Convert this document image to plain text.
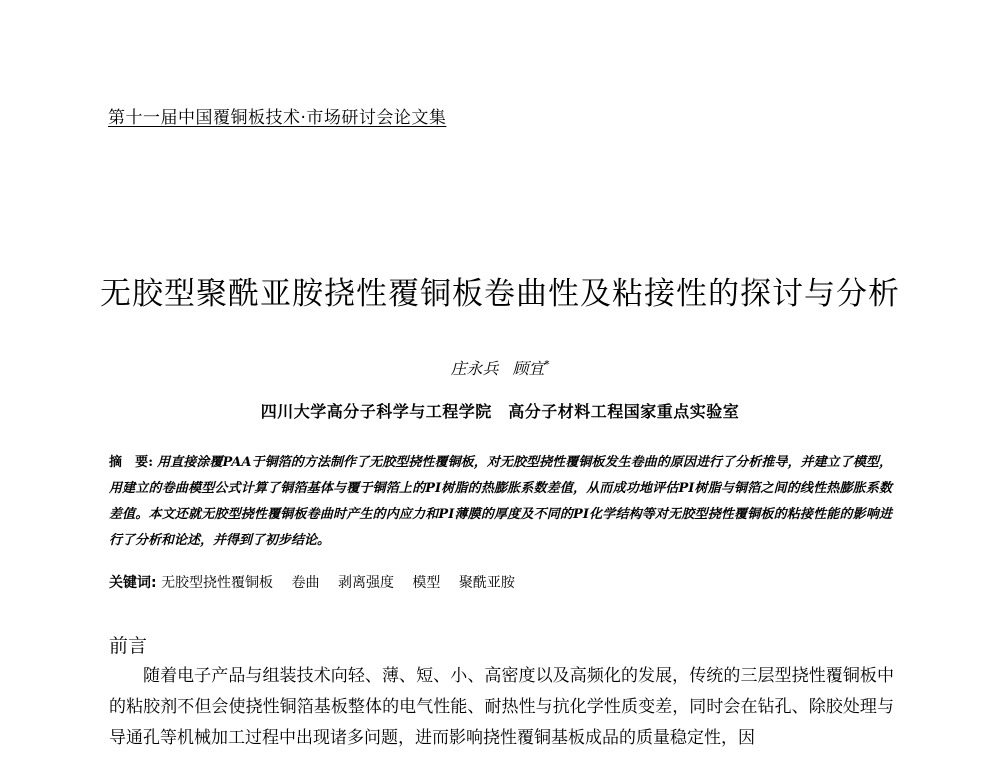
第十一届中国覆铜板技术·市场研讨会论文集
无胶型聚酰亚胺挠性覆铜板卷曲性及粘接性的探讨与分析
庄永兵 顾宜*
四川大学高分子科学与工程学院　高分子材料工程国家重点实验室
摘　要: 用直接涂覆PAA于铜箔的方法制作了无胶型挠性覆铜板，对无胶型挠性覆铜板发生卷曲的原因进行了分析推导，并建立了模型，用建立的卷曲模型公式计算了铜箔基体与覆于铜箔上的PI树脂的热膨胀系数差值，从而成功地评估PI树脂与铜箔之间的线性热膨胀系数差值。本文还就无胶型挠性覆铜板卷曲时产生的内应力和PI薄膜的厚度及不同的PI化学结构等对无胶型挠性覆铜板的粘接性能的影响进行了分析和论述，并得到了初步结论。
关键词: 无胶型挠性覆铜板 卷曲 剥离强度 模型 聚酰亚胺
前言
随着电子产品与组装技术向轻、薄、短、小、高密度以及高频化的发展，传统的三层型挠性覆铜板中的粘胶剂不但会使挠性铜箔基板整体的电气性能、耐热性与抗化学性质变差，同时会在钻孔、除胶处理与导通孔等机械加工过程中出现诸多问题，进而影响挠性覆铜基板成品的质量稳定性，因
